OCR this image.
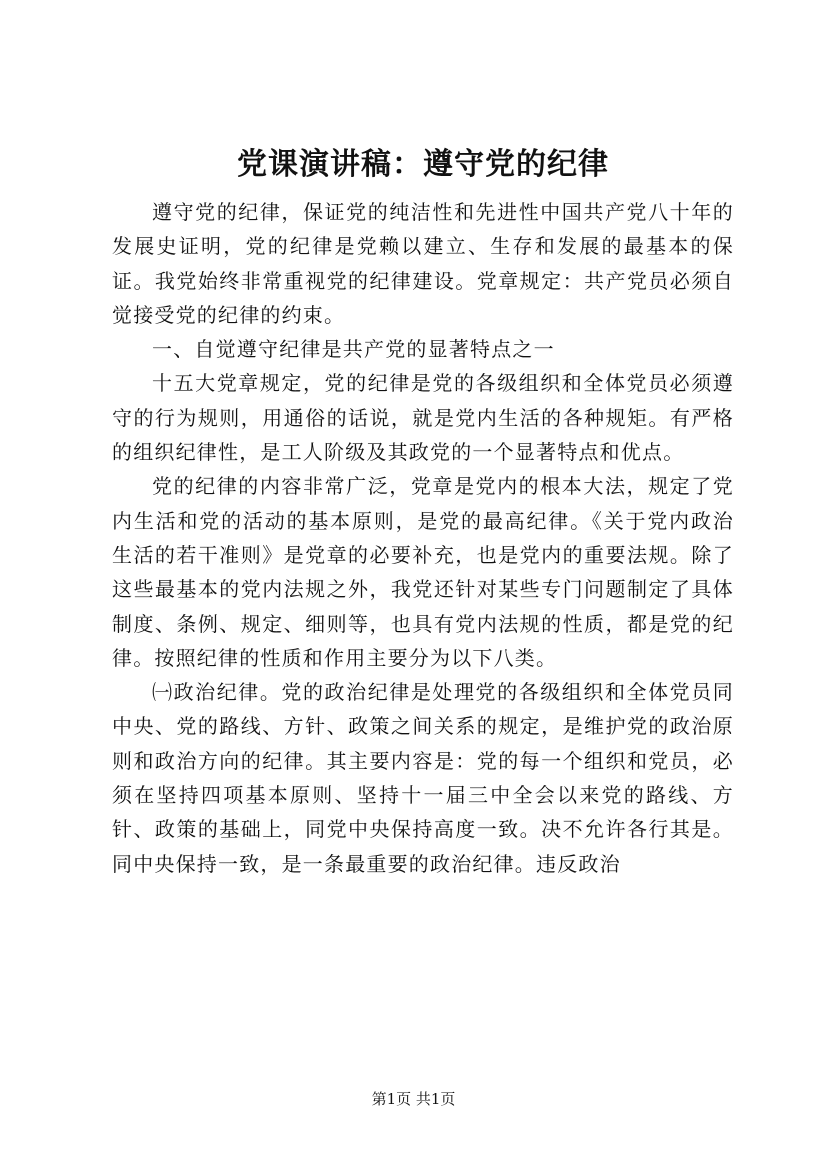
党课演讲稿：遵守党的纪律

遵守党的纪律，保证党的纯洁性和先进性中国共产党八十年的发展史证明，党的纪律是党赖以建立、生存和发展的最基本的保证。我党始终非常重视党的纪律建设。党章规定：共产党员必须自觉接受党的纪律的约束。

一、自觉遵守纪律是共产党的显著特点之一

十五大党章规定，党的纪律是党的各级组织和全体党员必须遵守的行为规则，用通俗的话说，就是党内生活的各种规矩。有严格的组织纪律性，是工人阶级及其政党的一个显著特点和优点。

党的纪律的内容非常广泛，党章是党内的根本大法，规定了党内生活和党的活动的基本原则，是党的最高纪律。《关于党内政治生活的若干准则》是党章的必要补充，也是党内的重要法规。除了这些最基本的党内法规之外，我党还针对某些专门问题制定了具体制度、条例、规定、细则等，也具有党内法规的性质，都是党的纪律。按照纪律的性质和作用主要分为以下八类。

㈠政治纪律。党的政治纪律是处理党的各级组织和全体党员同中央、党的路线、方针、政策之间关系的规定，是维护党的政治原则和政治方向的纪律。其主要内容是：党的每一个组织和党员，必须在坚持四项基本原则、坚持十一届三中全会以来党的路线、方针、政策的基础上，同党中央保持高度一致。决不允许各行其是。同中央保持一致，是一条最重要的政治纪律。违反政治

第1页 共1页
